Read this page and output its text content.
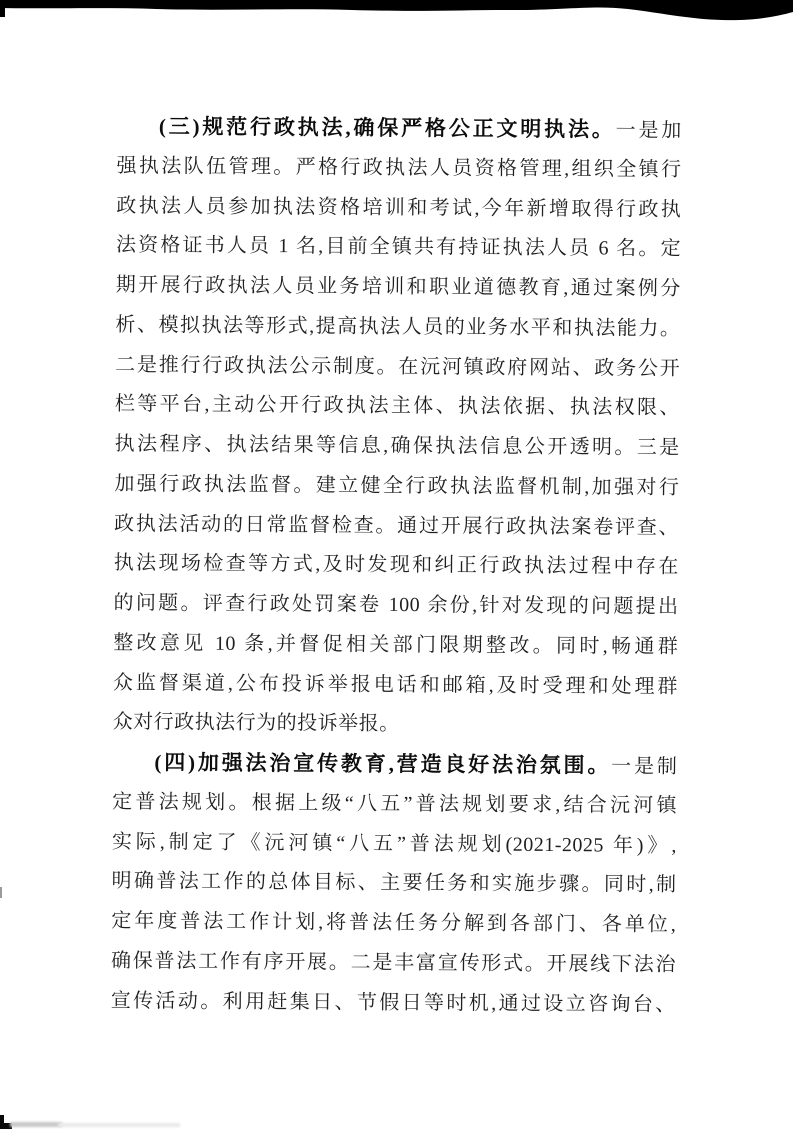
(三)规范行政执法,确保严格公正文明执法。一是加
强执法队伍管理。严格行政执法人员资格管理,组织全镇行
政执法人员参加执法资格培训和考试,今年新增取得行政执
法资格证书人员 1 名,目前全镇共有持证执法人员 6 名。定
期开展行政执法人员业务培训和职业道德教育,通过案例分
析、模拟执法等形式,提高执法人员的业务水平和执法能力。
二是推行行政执法公示制度。在沅河镇政府网站、政务公开
栏等平台,主动公开行政执法主体、执法依据、执法权限、
执法程序、执法结果等信息,确保执法信息公开透明。三是
加强行政执法监督。建立健全行政执法监督机制,加强对行
政执法活动的日常监督检查。通过开展行政执法案卷评查、
执法现场检查等方式,及时发现和纠正行政执法过程中存在
的问题。评查行政处罚案卷 100 余份,针对发现的问题提出
整改意见 10 条,并督促相关部门限期整改。同时,畅通群
众监督渠道,公布投诉举报电话和邮箱,及时受理和处理群
众对行政执法行为的投诉举报。
(四)加强法治宣传教育,营造良好法治氛围。一是制
定普法规划。根据上级“八五”普法规划要求,结合沅河镇
实际,制定了《沅河镇“八五”普法规划(2021-2025 年)》,
明确普法工作的总体目标、主要任务和实施步骤。同时,制
定年度普法工作计划,将普法任务分解到各部门、各单位,
确保普法工作有序开展。二是丰富宣传形式。开展线下法治
宣传活动。利用赶集日、节假日等时机,通过设立咨询台、
